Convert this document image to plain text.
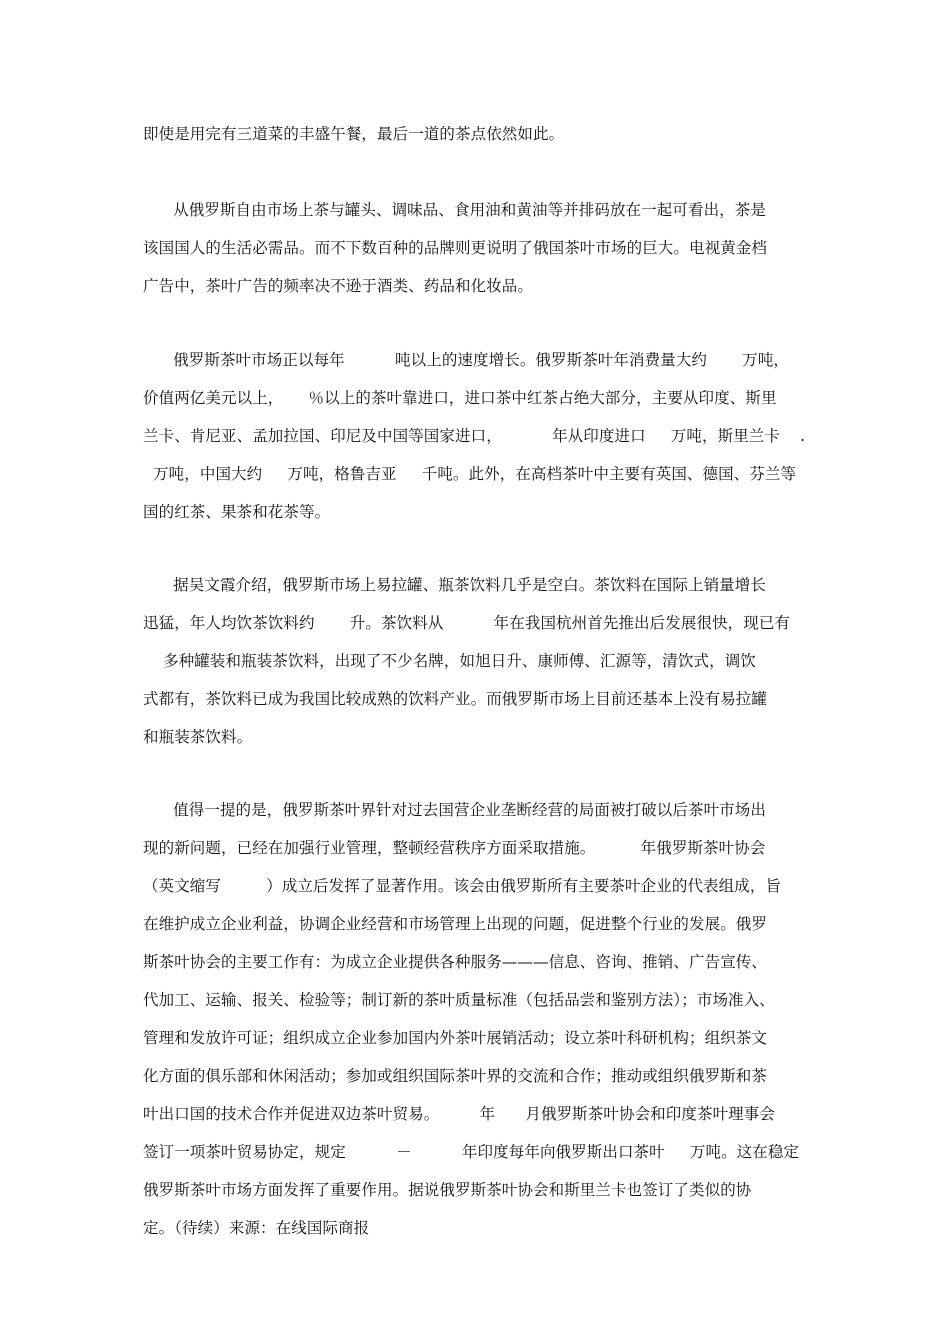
即使是用完有三道菜的丰盛午餐，最后一道的茶点依然如此。
从俄罗斯自由市场上茶与罐头、调味品、食用油和黄油等并排码放在一起可看出，茶是
该国国人的生活必需品。而不下数百种的品牌则更说明了俄国茶叶市场的巨大。电视黄金档
广告中，茶叶广告的频率决不逊于酒类、药品和化妆品。
俄罗斯茶叶市场正以每年          吨以上的速度增长。俄罗斯茶叶年消费量大约       万吨，
价值两亿美元以上，     ％以上的茶叶靠进口，进口茶中红茶占绝大部分，主要从印度、斯里
兰卡、肯尼亚、孟加拉国、印尼及中国等国家进口，          年从印度进口     万吨，斯里兰卡    .
万吨，中国大约     万吨，格鲁吉亚     千吨。此外，在高档茶叶中主要有英国、德国、芬兰等
国的红茶、果茶和花茶等。
据吴文霞介绍，俄罗斯市场上易拉罐、瓶茶饮料几乎是空白。茶饮料在国际上销量增长
迅猛，年人均饮茶饮料约       升。茶饮料从          年在我国杭州首先推出后发展很快，现已有
多种罐装和瓶装茶饮料，出现了不少名牌，如旭日升、康师傅、汇源等，清饮式，调饮
式都有，茶饮料已成为我国比较成熟的饮料产业。而俄罗斯市场上目前还基本上没有易拉罐
和瓶装茶饮料。
值得一提的是，俄罗斯茶叶界针对过去国营企业垄断经营的局面被打破以后茶叶市场出
现的新问题，已经在加强行业管理，整顿经营秩序方面采取措施。         年俄罗斯茶叶协会
（英文缩写         ）成立后发挥了显著作用。该会由俄罗斯所有主要茶叶企业的代表组成，旨
在维护成立企业利益，协调企业经营和市场管理上出现的问题，促进整个行业的发展。俄罗
斯茶叶协会的主要工作有：为成立企业提供各种服务———信息、咨询、推销、广告宣传、
代加工、运输、报关、检验等；制订新的茶叶质量标准（包括品尝和鉴别方法）；市场准入、
管理和发放许可证；组织成立企业参加国内外茶叶展销活动；设立茶叶科研机构；组织茶文
化方面的俱乐部和休闲活动；参加或组织国际茶叶界的交流和合作；推动或组织俄罗斯和茶
叶出口国的技术合作并促进双边茶叶贸易。        年      月俄罗斯茶叶协会和印度茶叶理事会
签订一项茶叶贸易协定，规定          －          年印度每年向俄罗斯出口茶叶     万吨。这在稳定
俄罗斯茶叶市场方面发挥了重要作用。据说俄罗斯茶叶协会和斯里兰卡也签订了类似的协
定。（待续）来源：在线国际商报
